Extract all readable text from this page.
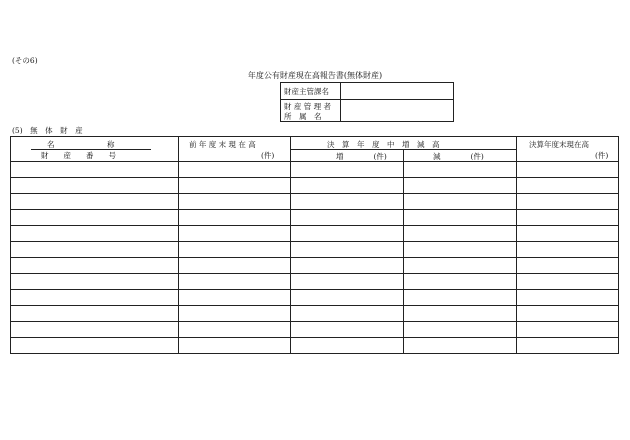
(その6)
年度公有財産現在高報告書(無体財産)
財産主管課名
財 産 管 理 者
所　属　名
(5)　無　体　財　産
名　　　　　　　称
財　　産　　番　　号
前 年 度 末 現 在 高
(件)
決　算　年　度　中　増　減　高
増　　　　(件)	減　　　　(件)
決算年度末現在高
(件)
